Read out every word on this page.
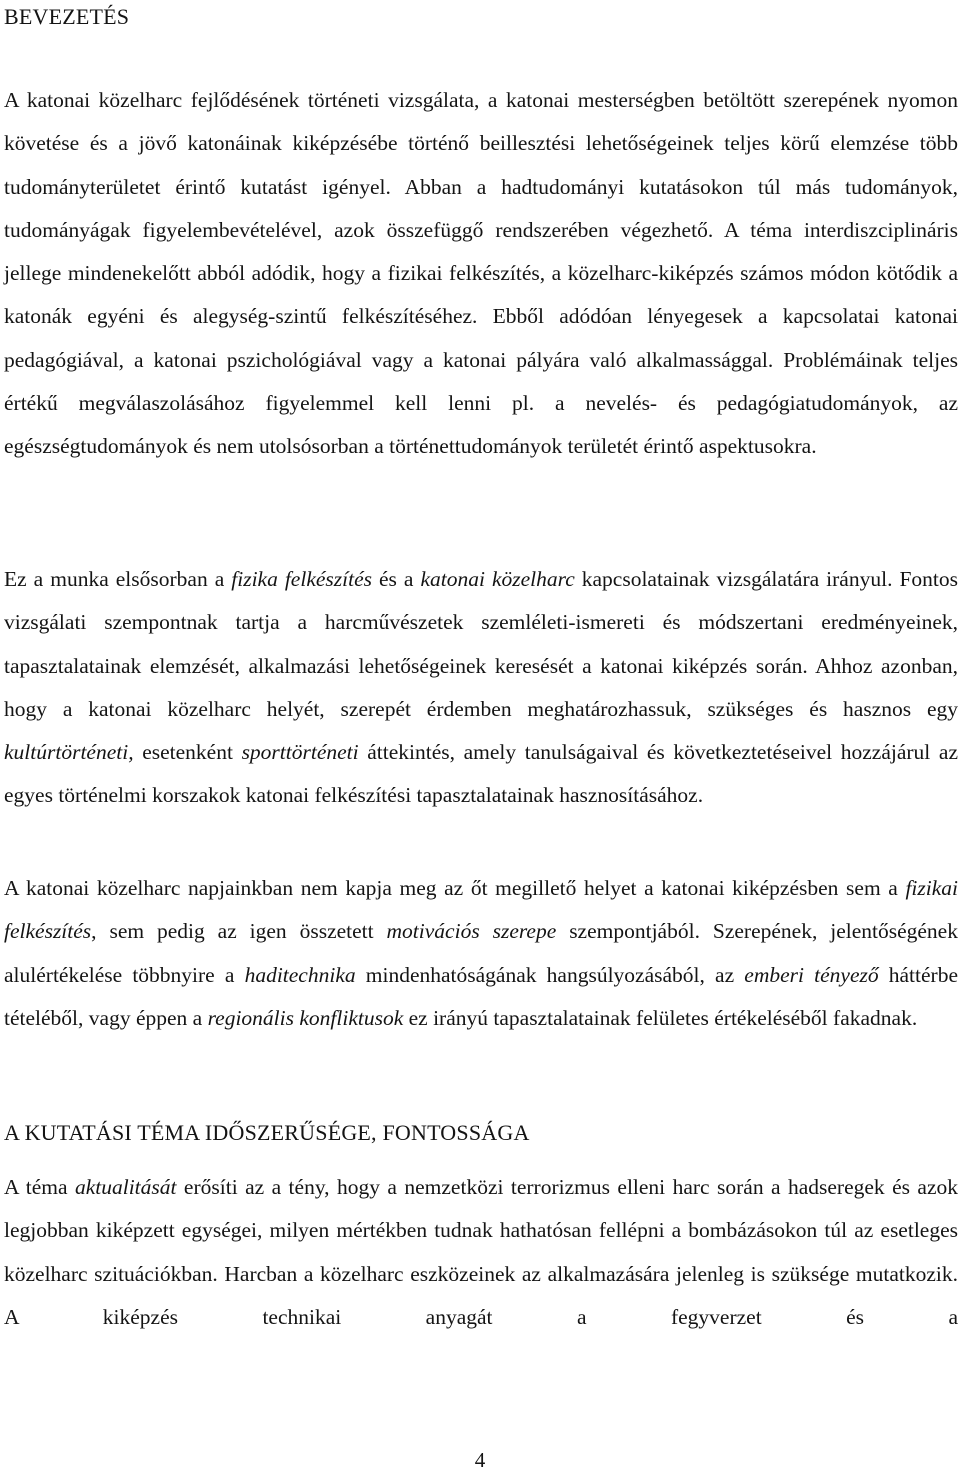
BEVEZETÉS

A katonai közelharc fejlődésének történeti vizsgálata, a katonai mesterségben betöltött szerepének nyomon követése és a jövő katonáinak kiképzésébe történő beillesztési lehetőségeinek teljes körű elemzése több tudományterületet érintő kutatást igényel. Abban a hadtudományi kutatásokon túl más tudományok, tudományágak figyelembevételével, azok összefüggő rendszerében végezhető. A téma interdiszciplináris jellege mindenekelőtt abból adódik, hogy a fizikai felkészítés, a közelharc-kiképzés számos módon kötődik a katonák egyéni és alegység-szintű felkészítéséhez. Ebből adódóan lényegesek a kapcsolatai katonai pedagógiával, a katonai pszichológiával vagy a katonai pályára való alkalmassággal. Problémáinak teljes értékű megválaszolásához figyelemmel kell lenni pl. a nevelés- és pedagógiatudományok, az egészségtudományok és nem utolsósorban a történettudományok területét érintő aspektusokra.

Ez a munka elsősorban a fizika felkészítés és a katonai közelharc kapcsolatainak vizsgálatára irányul. Fontos vizsgálati szempontnak tartja a harcművészetek szemléleti-ismereti és módszertani eredményeinek, tapasztalatainak elemzését, alkalmazási lehetőségeinek keresését a katonai kiképzés során. Ahhoz azonban, hogy a katonai közelharc helyét, szerepét érdemben meghatározhassuk, szükséges és hasznos egy kultúrtörténeti, esetenként sporttörténeti áttekintés, amely tanulságaival és következtetéseivel hozzájárul az egyes történelmi korszakok katonai felkészítési tapasztalatainak hasznosításához.

A katonai közelharc napjainkban nem kapja meg az őt megillető helyet a katonai kiképzésben sem a fizikai felkészítés, sem pedig az igen összetett motivációs szerepe szempontjából. Szerepének, jelentőségének alulértékelése többnyire a haditechnika mindenhatóságának hangsúlyozásából, az emberi tényező háttérbe tételéből, vagy éppen a regionális konfliktusok ez irányú tapasztalatainak felületes értékeléséből fakadnak.

A KUTATÁSI TÉMA IDŐSZERŰSÉGE, FONTOSSÁGA

A téma aktualitását erősíti az a tény, hogy a nemzetközi terrorizmus elleni harc során a hadseregek és azok legjobban kiképzett egységei, milyen mértékben tudnak hathatósan fellépni a bombázásokon túl az esetleges közelharc szituációkban. Harcban a közelharc eszközeinek az alkalmazására jelenleg is szüksége mutatkozik. A kiképzés technikai anyagát a fegyverzet és a

4
